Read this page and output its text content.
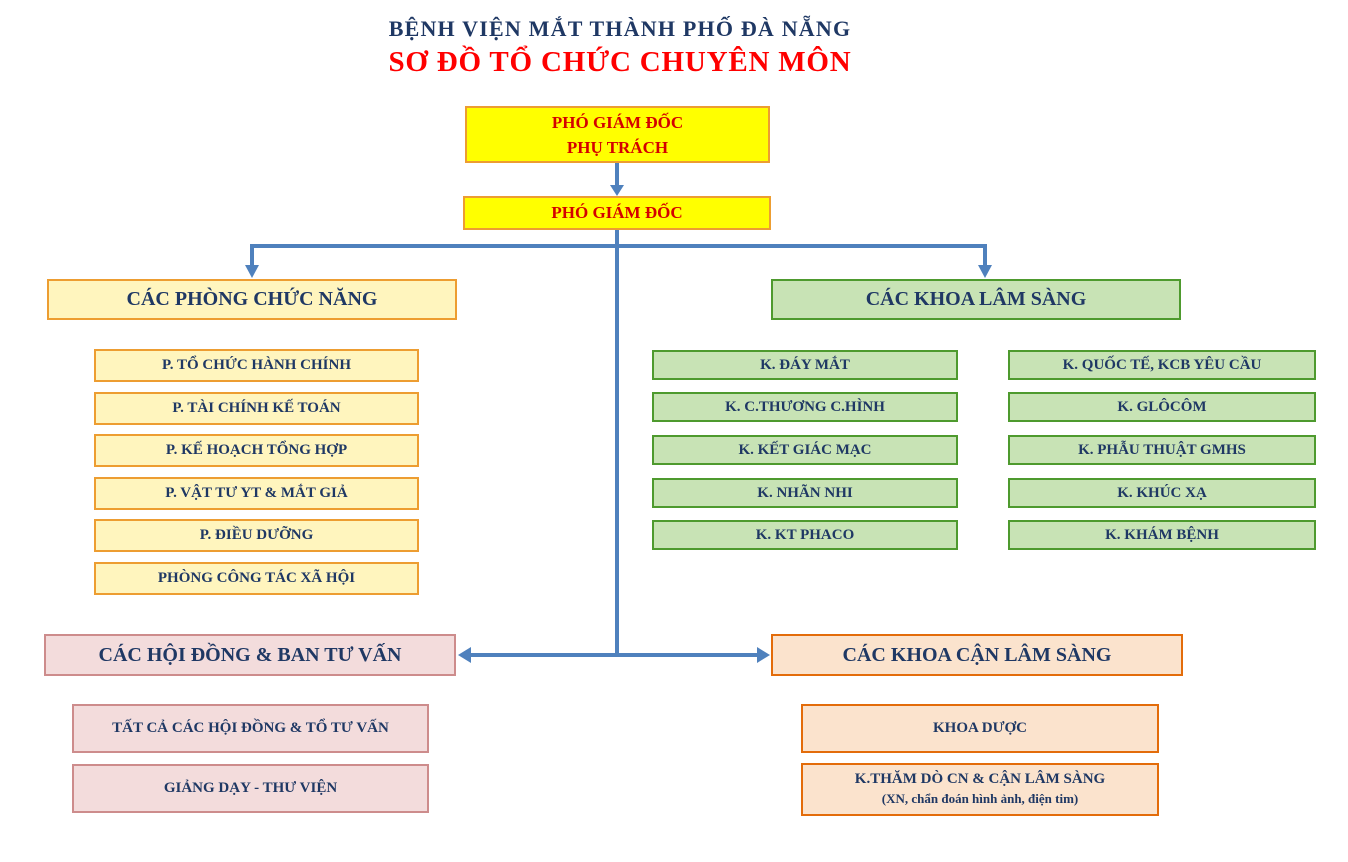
BỆNH VIỆN MẮT THÀNH PHỐ ĐÀ NẴNG
SƠ ĐỒ TỔ CHỨC CHUYÊN MÔN
PHÓ GIÁM ĐỐC
PHỤ TRÁCH
PHÓ GIÁM ĐỐC
CÁC PHÒNG CHỨC NĂNG	CÁC KHOA LÂM SÀNG
CÁC HỘI ĐỒNG & BAN TƯ VẤN	CÁC KHOA CẬN LÂM SÀNG
P. TỔ CHỨC HÀNH CHÍNH
P. TÀI CHÍNH KẾ TOÁN
P. KẾ HOẠCH TỔNG HỢP
P. VẬT TƯ YT & MẮT GIẢ
P. ĐIỀU DƯỠNG
PHÒNG CÔNG TÁC XÃ HỘI
K. ĐÁY MẮT
K. C.THƯƠNG C.HÌNH
K. KẾT GIÁC MẠC
K. NHÃN NHI
K. KT PHACO
K. QUỐC TẾ, KCB YÊU CẦU
K. GLÔCÔM
K. PHẪU THUẬT GMHS
K. KHÚC XẠ
K. KHÁM BỆNH
TẤT CẢ CÁC HỘI ĐỒNG & TỔ TƯ VẤN
GIẢNG DẠY - THƯ VIỆN
KHOA DƯỢC
K.THĂM DÒ CN & CẬN LÂM SÀNG
(XN, chẩn đoán hình ảnh, điện tim)
